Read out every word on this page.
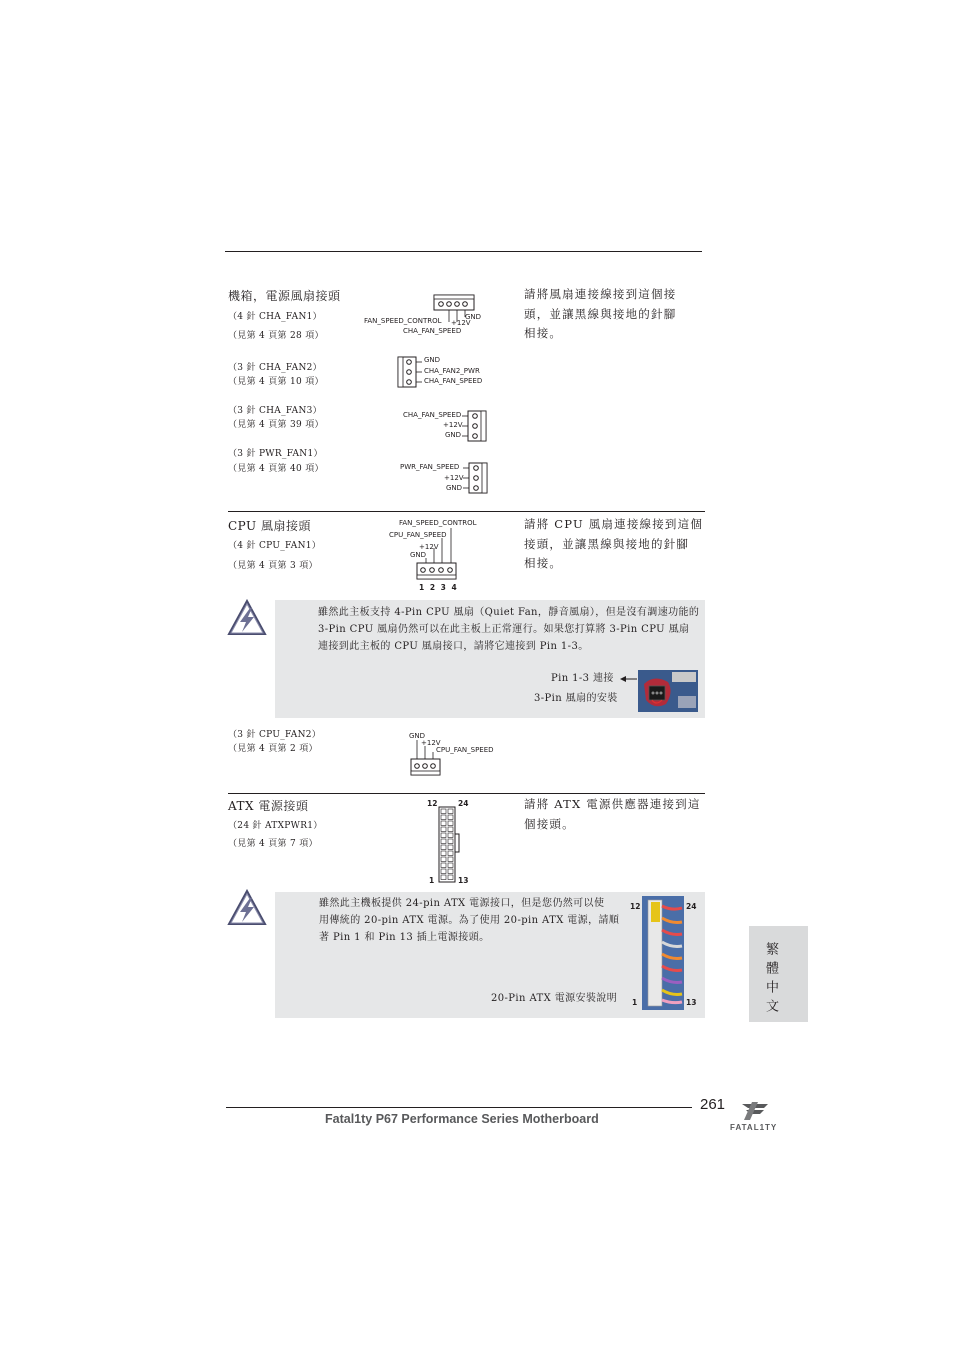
機箱，電源風扇接頭
（4 針 CHA_FAN1）
（見第 4 頁第 28 項）
（3 針 CHA_FAN2）
（見第 4 頁第 10 項）
（3 針 CHA_FAN3）
（見第 4 頁第 39 項）
（3 針 PWR_FAN1）
（見第 4 頁第 40 項）
請將風扇連接線接到這個接
頭，並讓黑線與接地的針腳
相接。
FAN_SPEED_CONTROL +12V
GND
CHA_FAN_SPEED
GND
CHA_FAN2_PWR
CHA_FAN_SPEED
CHA_FAN_SPEED
+12V
GND
PWR_FAN_SPEED
+12V
GND
CPU 風扇接頭
（4 針 CPU_FAN1）
（見第 4 頁第 3 項）
請將 CPU 風扇連接線接到這個
接頭，並讓黑線與接地的針腳
相接。
FAN_SPEED_CONTROL
CPU_FAN_SPEED
+12V
GND
1 2 3 4
雖然此主板支持 4-Pin CPU 風扇（Quiet Fan，靜音風扇），但是沒有調速功能的
3-Pin CPU 風扇仍然可以在此主板上正常運行。如果您打算將 3-Pin CPU 風扇
連接到此主板的 CPU 風扇接口，請將它連接到 Pin 1-3。
Pin 1-3 連接
3-Pin 風扇的安裝
（3 針 CPU_FAN2）
（見第 4 頁第 2 項）
GND
+12V
CPU_FAN_SPEED
ATX 電源接頭
（24 針 ATXPWR1）
（見第 4 頁第 7 項）
請將 ATX 電源供應器連接到這
個接頭。
12	24
1	13
雖然此主機板提供 24-pin ATX 電源接口，但是您仍然可以使
用傳統的 20-pin ATX 電源。為了使用 20-pin ATX 電源，請順
著 Pin 1 和 Pin 13 插上電源接頭。
20-Pin ATX 電源安裝說明
12	24
1	13	繁體中文
261
Fatal1ty P67 Performance Series Motherboard
FATAL1TY
